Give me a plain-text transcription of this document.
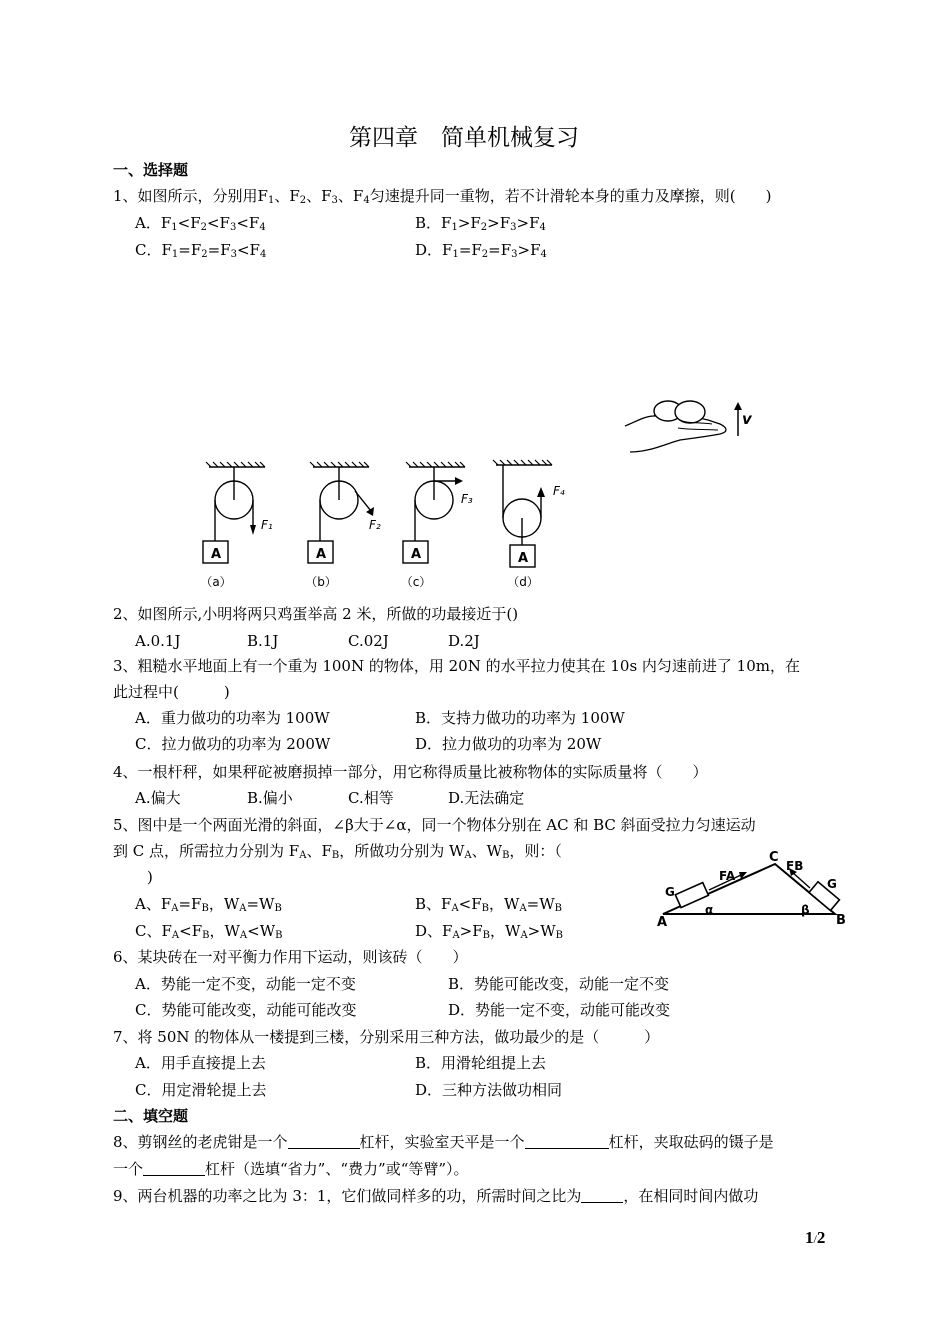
第四章　简单机械复习
一、选择题
1、如图所示，分别用$F_1$、$F_2$、$F_3$、$F_4$匀速提升同一重物，若不计滑轮本身的重力及摩擦，则(　　)
A．$F_1<F_2<F_3<F_4$	B．$F_1>F_2>F_3>F_4$
C．$F_1=F_2=F_3<F_4$	D．$F_1=F_2=F_3>F_4$
v
A	A	A	A
F₁	F₂
F₃
F₄
（a）	（b）	（c）	（d）
2、如图所示,小明将两只鸡蛋举高 2 米，所做的功最接近于()
A.0.1J	B.1J	C.02J	D.2J
3、粗糙水平地面上有一个重为 100N 的物体，用 20N 的水平拉力使其在 10s 内匀速前进了 10m，在
此过程中(　　　)
A．重力做功的功率为 100W	B．支持力做功的功率为 100W
C．拉力做功的功率为 200W	D．拉力做功的功率为 20W
4、一根杆秤，如果秤砣被磨损掉一部分，用它称得质量比被称物体的实际质量将（　　）
A.偏大	B.偏小	C.相等	D.无法确定
5、图中是一个两面光滑的斜面，∠β大于∠α，同一个物体分别在 AC 和 BC 斜面受拉力匀速运动
到 C 点，所需拉力分别为 $F_A$、$F_B$，所做功分别为 $W_A$、$W_B$，则：（
)
A、$F_A=F_B$，$W_A=W_B$	B、$F_A<F_B$，$W_A=W_B$
C、$F_A<F_B$，$W_A<W_B$	D、$F_A>F_B$，$W_A>W_B$
A	B
C
G
G
FA
FB
α	β
6、某块砖在一对平衡力作用下运动，则该砖（　　）
A．势能一定不变，动能一定不变	B．势能可能改变，动能一定不变
C．势能可能改变，动能可能改变	D．势能一定不变，动能可能改变
7、将 50N 的物体从一楼提到三楼，分别采用三种方法，做功最少的是（　　　）
A．用手直接提上去	B．用滑轮组提上去
C．用定滑轮提上去	D．三种方法做功相同
二、填空题
8、剪钢丝的老虎钳是一个	杠杆，实验室天平是一个	杠杆，夹取砝码的镊子是
一个	杠杆（选填“省力”、“费力”或“等臂”）。
9、两台机器的功率之比为 3：1，它们做同样多的功，所需时间之比为	，在相同时间内做功
1/2
